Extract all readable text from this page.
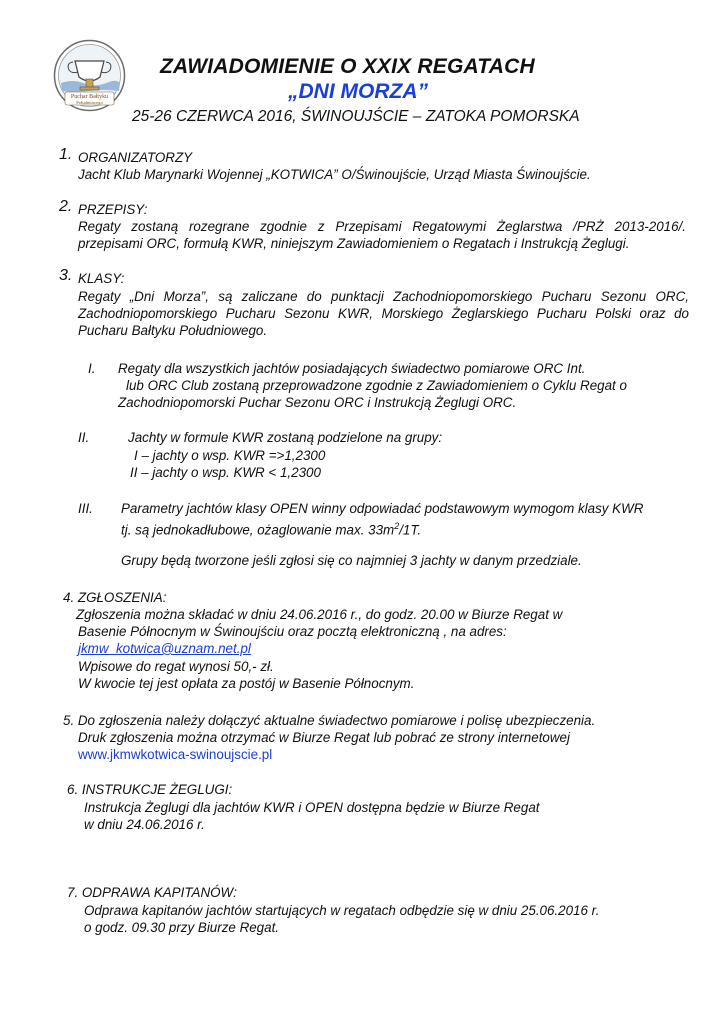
Puchar Bałtyku
Południowego
ZAWIADOMIENIE O XXIX REGATACH
„DNI MORZA”
25-26 CZERWCA 2016, ŚWINOUJŚCIE – ZATOKA POMORSKA
1. ORGANIZATORZY
Jacht Klub Marynarki Wojennej „KOTWICA” O/Świnoujście, Urząd Miasta Świnoujście.
2. PRZEPISY:
Regaty zostaną rozegrane zgodnie z Przepisami Regatowymi Żeglarstwa /PRŻ 2013-2016/.
przepisami ORC, formułą KWR, niniejszym Zawiadomieniem o Regatach i Instrukcją Żeglugi.
3. KLASY:
Regaty „Dni Morza”, są zaliczane do punktacji Zachodniopomorskiego Pucharu Sezonu ORC,
Zachodniopomorskiego Pucharu Sezonu KWR, Morskiego Żeglarskiego Pucharu Polski oraz do
Pucharu Bałtyku Południowego.
I. Regaty dla wszystkich jachtów posiadających świadectwo pomiarowe ORC Int.
lub ORC Club zostaną przeprowadzone zgodnie z Zawiadomieniem o Cyklu Regat o
Zachodniopomorski Puchar Sezonu ORC i Instrukcją Żeglugi ORC.
II.	Jachty w formule KWR zostaną podzielone na grupy:
I – jachty o wsp. KWR =>1,2300
II – jachty o wsp. KWR < 1,2300
III. Parametry jachtów klasy OPEN winny odpowiadać podstawowym wymogom klasy KWR
tj. są jednokadłubowe, ożaglowanie max. $33m^2/1T$.
Grupy będą tworzone jeśli zgłosi się co najmniej 3 jachty w danym przedziale.
4. ZGŁOSZENIA:
Zgłoszenia można składać w dniu 24.06.2016 r., do godz. 20.00 w Biurze Regat w
Basenie Północnym w Świnoujściu oraz pocztą elektroniczną , na adres:
jkmw_kotwica@uznam.net.pl
Wpisowe do regat wynosi 50,- zł.
W kwocie tej jest opłata za postój w Basenie Północnym.
5. Do zgłoszenia należy dołączyć aktualne świadectwo pomiarowe i polisę ubezpieczenia.
Druk zgłoszenia można otrzymać w Biurze Regat lub pobrać ze strony internetowej
www.jkmwkotwica-swinoujscie.pl
6. INSTRUKCJE ŻEGLUGI:
Instrukcja Żeglugi dla jachtów KWR i OPEN dostępna będzie w Biurze Regat
w dniu 24.06.2016 r.
7. ODPRAWA KAPITANÓW:
Odprawa kapitanów jachtów startujących w regatach odbędzie się w dniu 25.06.2016 r.
o godz. 09.30 przy Biurze Regat.
